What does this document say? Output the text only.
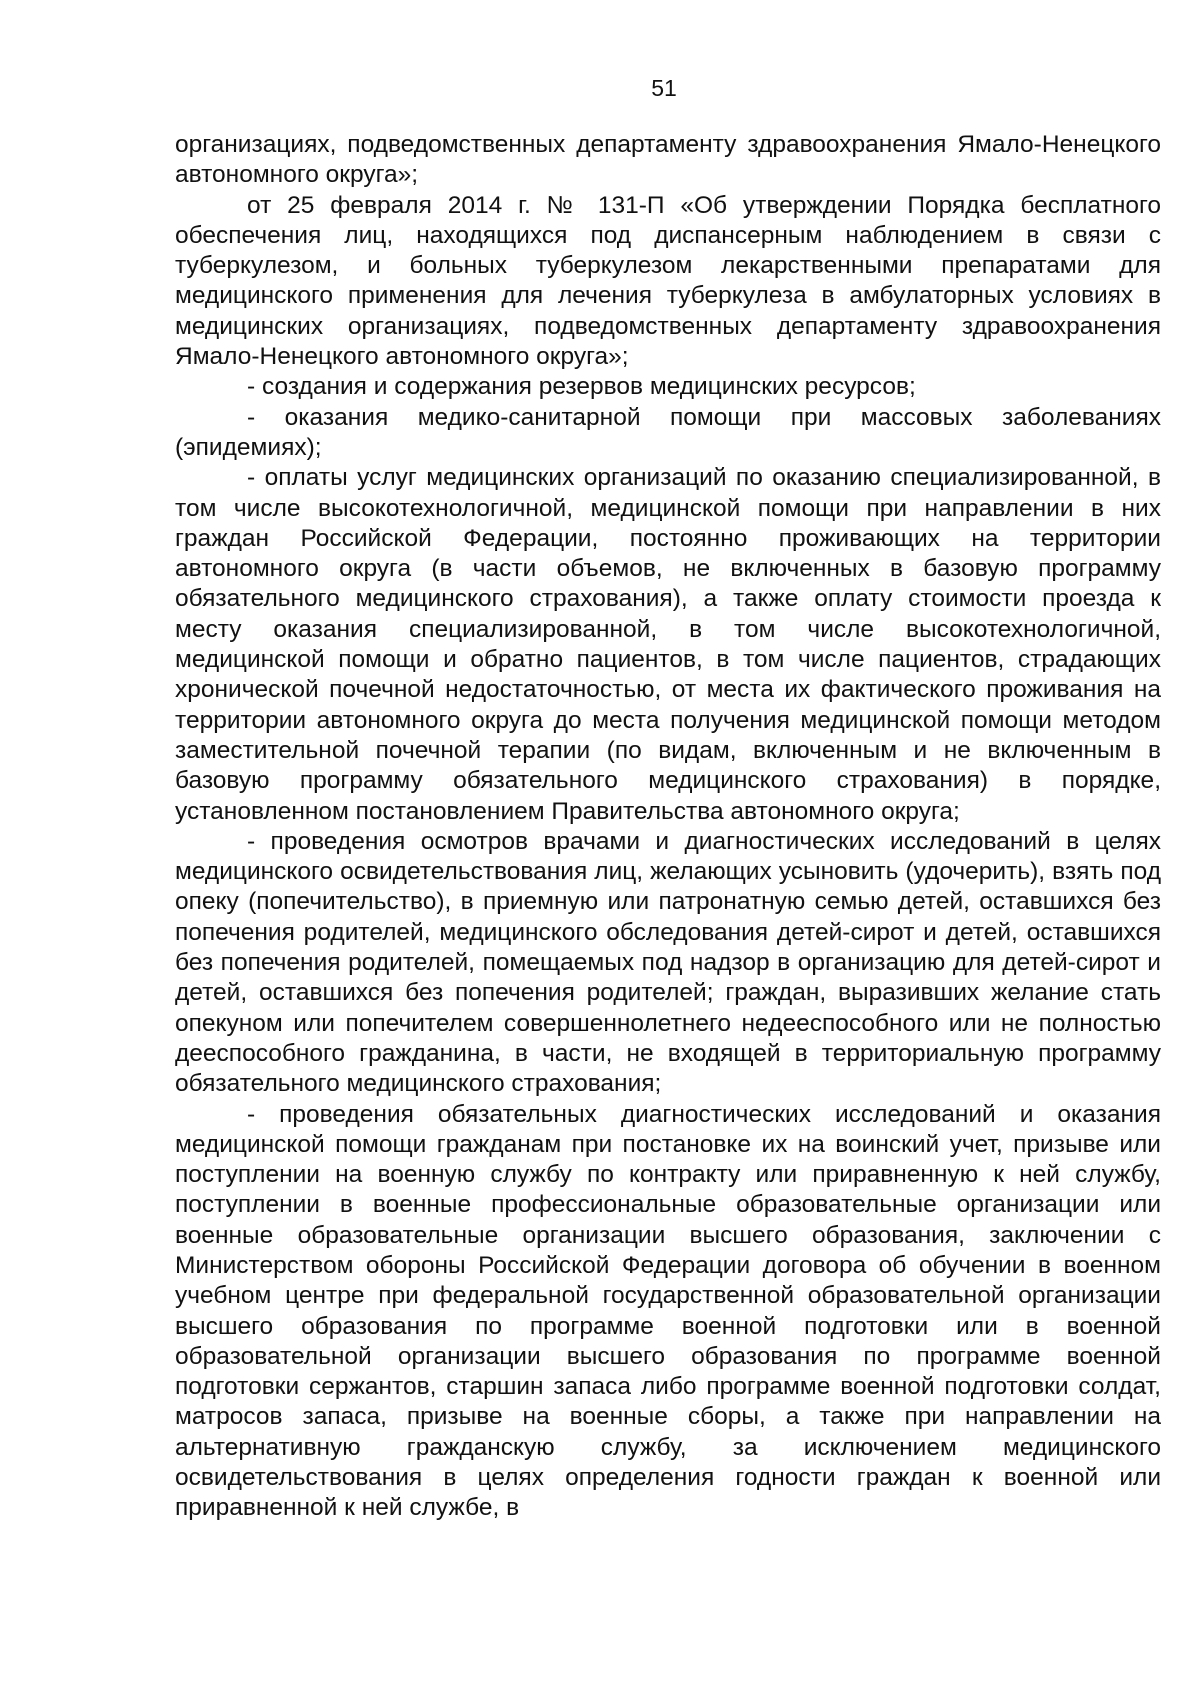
51

организациях, подведомственных департаменту здравоохранения Ямало-Ненецкого автономного округа»;

от 25 февраля 2014 г. № 131-П «Об утверждении Порядка бесплатного обеспечения лиц, находящихся под диспансерным наблюдением в связи с туберкулезом, и больных туберкулезом лекарственными препаратами для медицинского применения для лечения туберкулеза в амбулаторных условиях в медицинских организациях, подведомственных департаменту здравоохранения Ямало-Ненецкого автономного округа»;

- создания и содержания резервов медицинских ресурсов;

- оказания медико-санитарной помощи при массовых заболеваниях (эпидемиях);

- оплаты услуг медицинских организаций по оказанию специализированной, в том числе высокотехнологичной, медицинской помощи при направлении в них граждан Российской Федерации, постоянно проживающих на территории автономного округа (в части объемов, не включенных в базовую программу обязательного медицинского страхования), а также оплату стоимости проезда к месту оказания специализированной, в том числе высокотехнологичной, медицинской помощи и обратно пациентов, в том числе пациентов, страдающих хронической почечной недостаточностью, от места их фактического проживания на территории автономного округа до места получения медицинской помощи методом заместительной почечной терапии (по видам, включенным и не включенным в базовую программу обязательного медицинского страхования) в порядке, установленном постановлением Правительства автономного округа;

- проведения осмотров врачами и диагностических исследований в целях медицинского освидетельствования лиц, желающих усыновить (удочерить), взять под опеку (попечительство), в приемную или патронатную семью детей, оставшихся без попечения родителей, медицинского обследования детей-сирот и детей, оставшихся без попечения родителей, помещаемых под надзор в организацию для детей-сирот и детей, оставшихся без попечения родителей; граждан, выразивших желание стать опекуном или попечителем совершеннолетнего недееспособного или не полностью дееспособного гражданина, в части, не входящей в территориальную программу обязательного медицинского страхования;

- проведения обязательных диагностических исследований и оказания медицинской помощи гражданам при постановке их на воинский учет, призыве или поступлении на военную службу по контракту или приравненную к ней службу, поступлении в военные профессиональные образовательные организации или военные образовательные организации высшего образования, заключении с Министерством обороны Российской Федерации договора об обучении в военном учебном центре при федеральной государственной образовательной организации высшего образования по программе военной подготовки или в военной образовательной организации высшего образования по программе военной подготовки сержантов, старшин запаса либо программе военной подготовки солдат, матросов запаса, призыве на военные сборы, а также при направлении на альтернативную гражданскую службу, за исключением медицинского освидетельствования в целях определения годности граждан к военной или приравненной к ней службе, в
